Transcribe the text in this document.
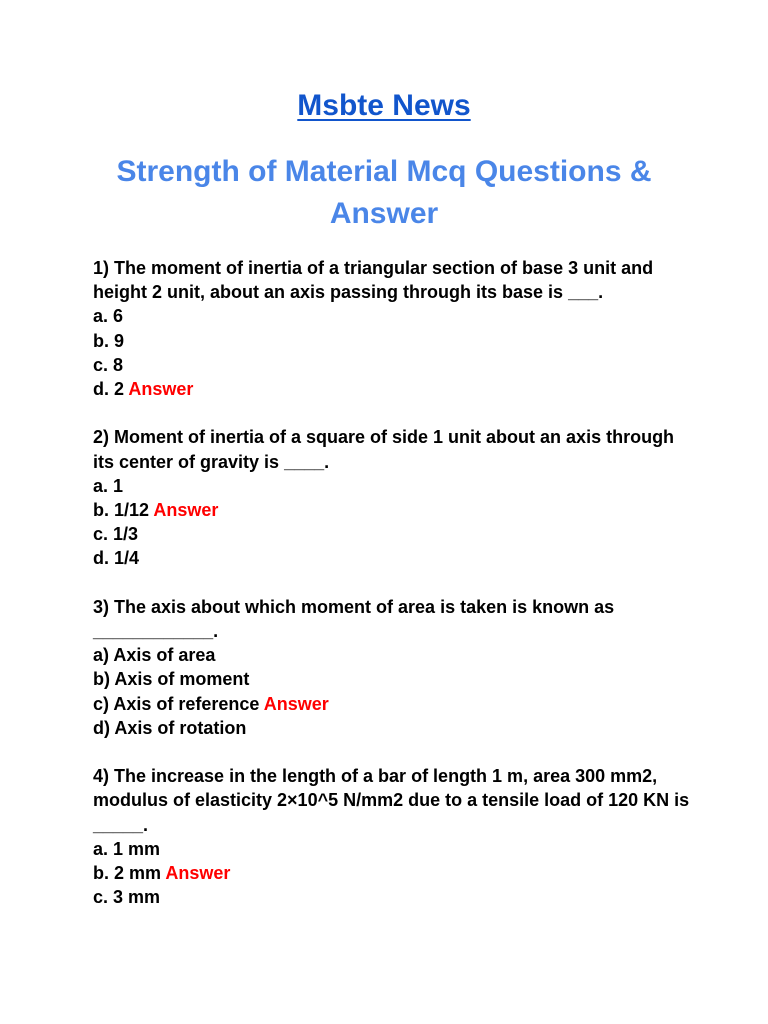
Msbte News
Strength of Material Mcq Questions & Answer
1) The moment of inertia of a triangular section of base 3 unit and height 2 unit, about an axis passing through its base is ___.
a. 6
b. 9
c. 8
d. 2 Answer
2) Moment of inertia of a square of side 1 unit about an axis through its center of gravity is ____.
a. 1
b. 1/12 Answer
c. 1/3
d. 1/4
3) The axis about which moment of area is taken is known as ____________.
a) Axis of area
b) Axis of moment
c) Axis of reference Answer
d) Axis of rotation
4) The increase in the length of a bar of length 1 m, area 300 mm2, modulus of elasticity 2×10^5 N/mm2 due to a tensile load of 120 KN is _____.
a. 1 mm
b. 2 mm Answer
c. 3 mm
